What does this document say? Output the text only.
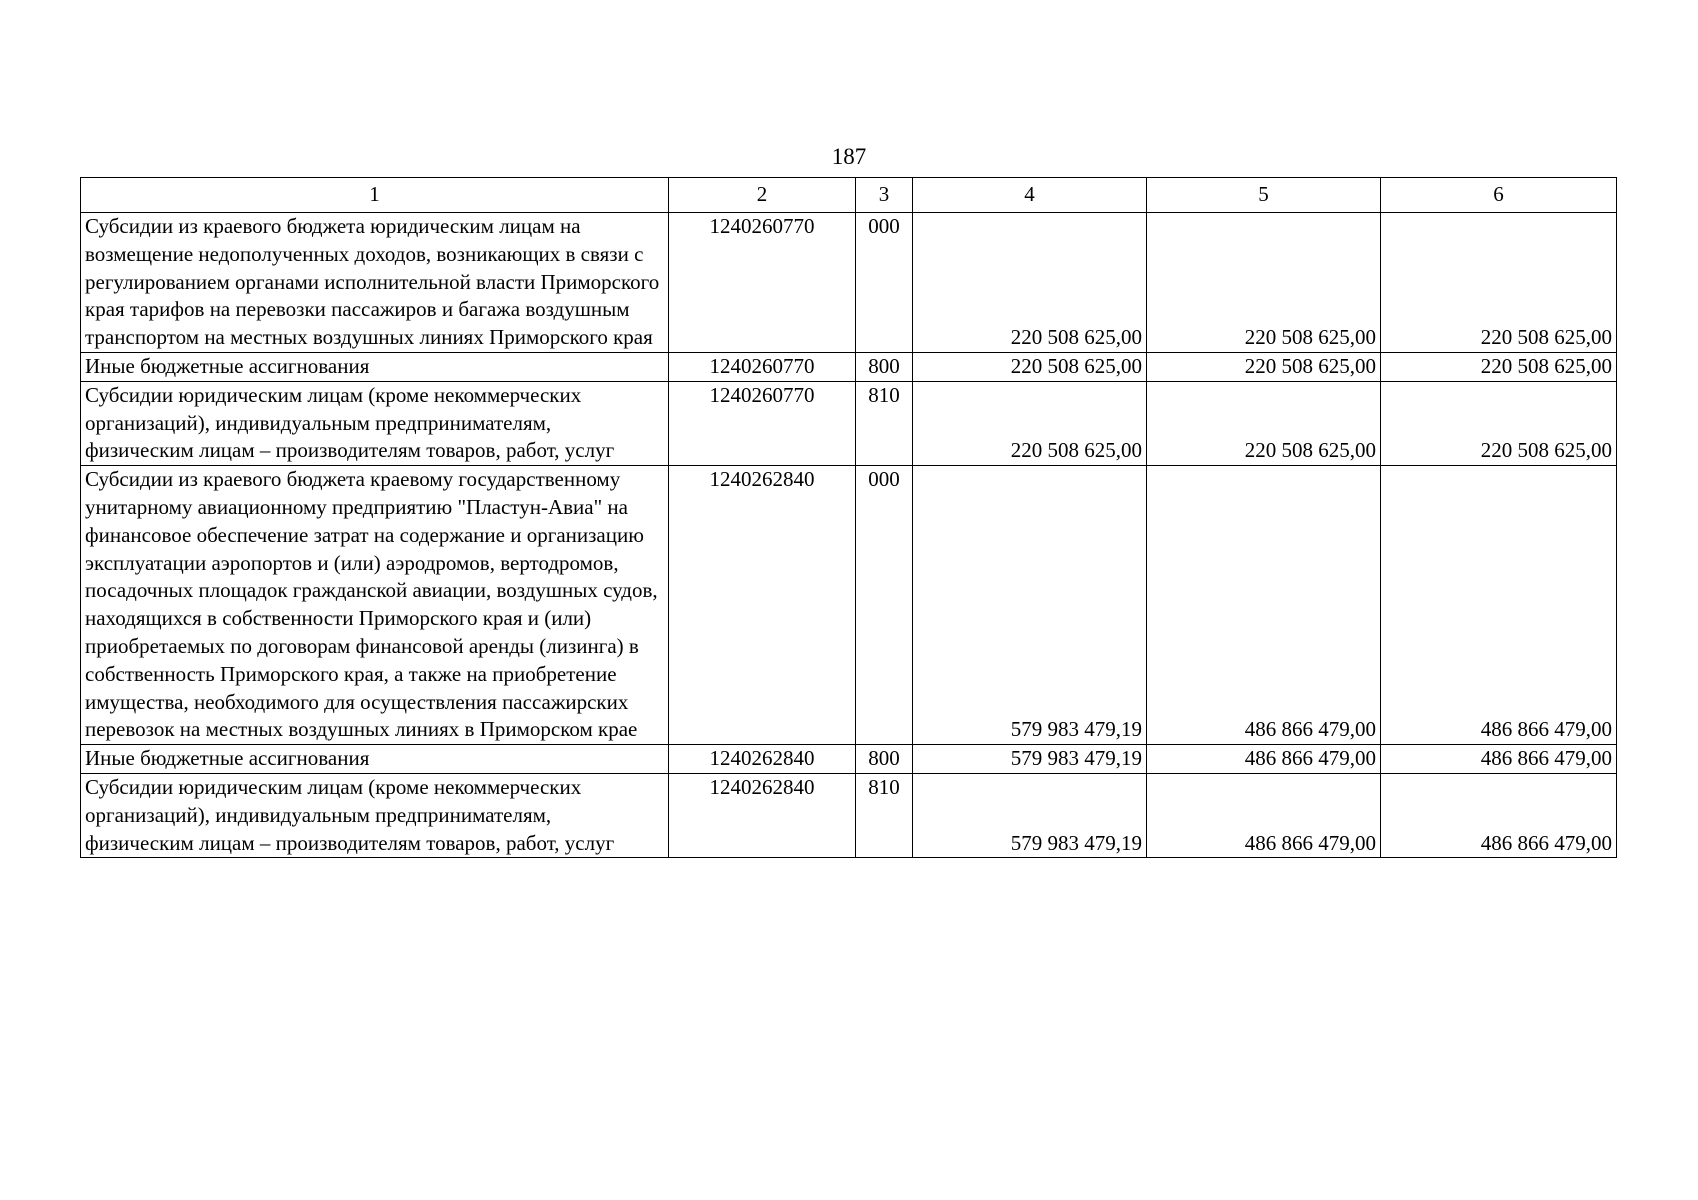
187
1	2	3	4	5	6
Субсидии из краевого бюджета юридическим лицам на возмещение недополученных доходов, возникающих в связи с регулированием органами исполнительной власти Приморского края тарифов на перевозки пассажиров и багажа воздушным транспортом на местных воздушных линиях Приморского края	1240260770	000	220 508 625,00	220 508 625,00	220 508 625,00
Иные бюджетные ассигнования	1240260770	800	220 508 625,00	220 508 625,00	220 508 625,00
Субсидии юридическим лицам (кроме некоммерческих организаций), индивидуальным предпринимателям, физическим лицам – производителям товаров, работ, услуг	1240260770	810	220 508 625,00	220 508 625,00	220 508 625,00
Субсидии из краевого бюджета краевому государственному унитарному авиационному предприятию "Пластун-Авиа" на финансовое обеспечение затрат на содержание и организацию эксплуатации аэропортов и (или) аэродромов, вертодромов, посадочных площадок гражданской авиации, воздушных судов, находящихся в собственности Приморского края и (или) приобретаемых по договорам финансовой аренды (лизинга) в собственность Приморского края, а также на приобретение имущества, необходимого для осуществления пассажирских перевозок на местных воздушных линиях в Приморском крае	1240262840	000	579 983 479,19	486 866 479,00	486 866 479,00
Иные бюджетные ассигнования	1240262840	800	579 983 479,19	486 866 479,00	486 866 479,00
Субсидии юридическим лицам (кроме некоммерческих организаций), индивидуальным предпринимателям, физическим лицам – производителям товаров, работ, услуг	1240262840	810	579 983 479,19	486 866 479,00	486 866 479,00
